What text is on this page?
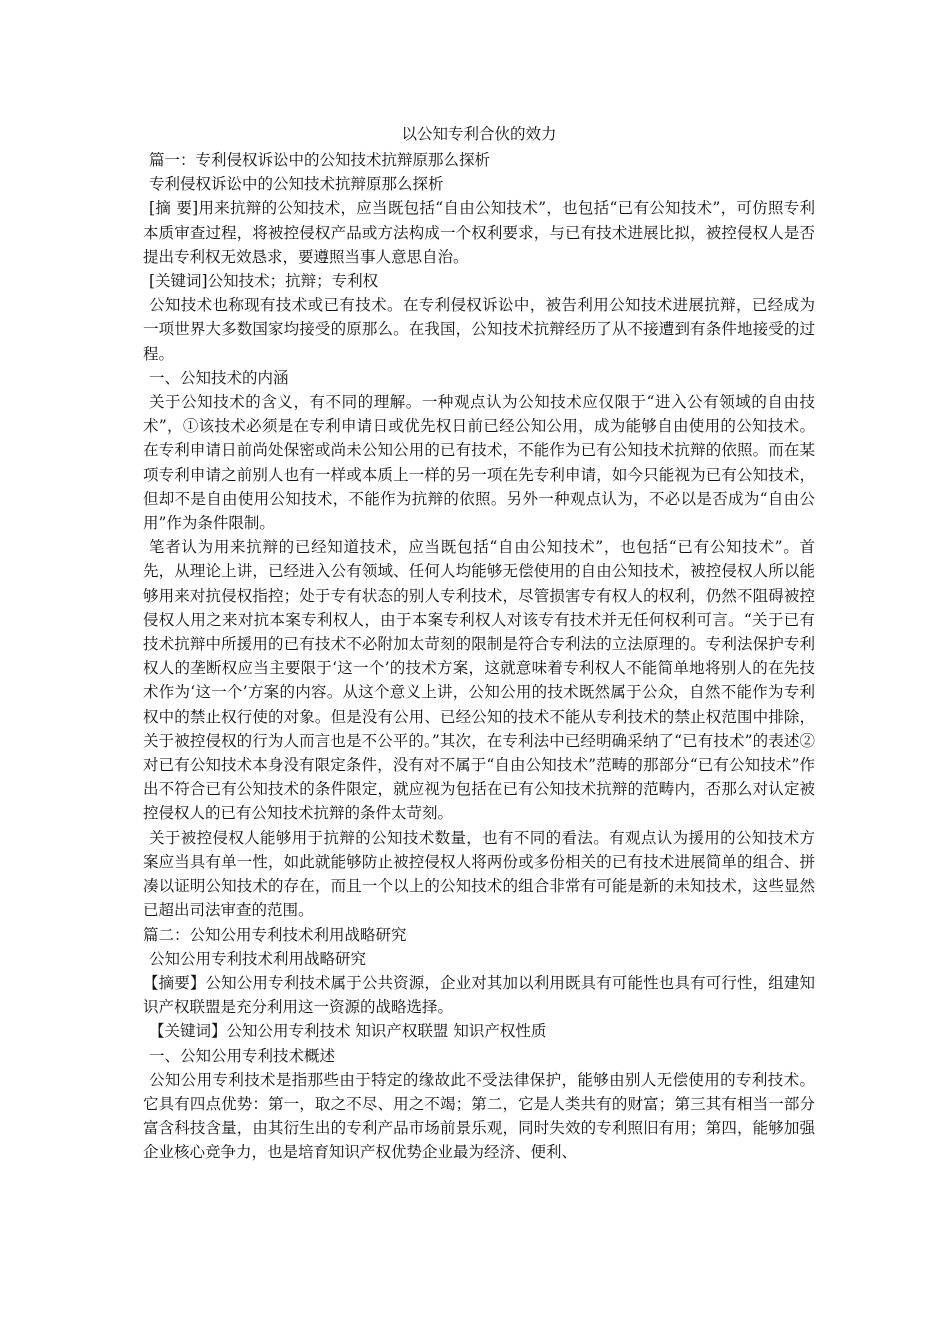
以公知专利合伙的效力

篇一：专利侵权诉讼中的公知技术抗辩原那么探析

专利侵权诉讼中的公知技术抗辩原那么探析

[摘 要]用来抗辩的公知技术，应当既包括“自由公知技术”，也包括“已有公知技术”，可仿照专利本质审查过程，将被控侵权产品或方法构成一个权利要求，与已有技术进展比拟，被控侵权人是否提出专利权无效恳求，要遵照当事人意思自治。

[关键词]公知技术；抗辩；专利权

公知技术也称现有技术或已有技术。在专利侵权诉讼中，被告利用公知技术进展抗辩，已经成为一项世界大多数国家均接受的原那么。在我国，公知技术抗辩经历了从不接遭到有条件地接受的过程。

一、公知技术的内涵

关于公知技术的含义，有不同的理解。一种观点认为公知技术应仅限于“进入公有领域的自由技术”，①该技术必须是在专利申请日或优先权日前已经公知公用，成为能够自由使用的公知技术。在专利申请日前尚处保密或尚未公知公用的已有技术，不能作为已有公知技术抗辩的依照。而在某项专利申请之前别人也有一样或本质上一样的另一项在先专利申请，如今只能视为已有公知技术，但却不是自由使用公知技术，不能作为抗辩的依照。另外一种观点认为，不必以是否成为“自由公用”作为条件限制。

笔者认为用来抗辩的已经知道技术，应当既包括“自由公知技术”，也包括“已有公知技术”。首先，从理论上讲，已经进入公有领域、任何人均能够无偿使用的自由公知技术，被控侵权人所以能够用来对抗侵权指控；处于专有状态的别人专利技术，尽管损害专有权人的权利，仍然不阻碍被控侵权人用之来对抗本案专利权人，由于本案专利权人对该专有技术并无任何权利可言。“关于已有技术抗辩中所援用的已有技术不必附加太苛刻的限制是符合专利法的立法原理的。专利法保护专利权人的垄断权应当主要限于‘这一个’的技术方案，这就意味着专利权人不能简单地将别人的在先技术作为‘这一个’方案的内容。从这个意义上讲，公知公用的技术既然属于公众，自然不能作为专利权中的禁止权行使的对象。但是没有公用、已经公知的技术不能从专利技术的禁止权范围中排除，关于被控侵权的行为人而言也是不公平的。”其次，在专利法中已经明确采纳了“已有技术”的表述②对已有公知技术本身没有限定条件，没有对不属于“自由公知技术”范畴的那部分“已有公知技术”作出不符合已有公知技术的条件限定，就应视为包括在已有公知技术抗辩的范畴内，否那么对认定被控侵权人的已有公知技术抗辩的条件太苛刻。

关于被控侵权人能够用于抗辩的公知技术数量，也有不同的看法。有观点认为援用的公知技术方案应当具有单一性，如此就能够防止被控侵权人将两份或多份相关的已有技术进展简单的组合、拼凑以证明公知技术的存在，而且一个以上的公知技术的组合非常有可能是新的未知技术，这些显然已超出司法审查的范围。

篇二：公知公用专利技术利用战略研究

公知公用专利技术利用战略研究

【摘要】公知公用专利技术属于公共资源，企业对其加以利用既具有可能性也具有可行性，组建知识产权联盟是充分利用这一资源的战略选择。

【关键词】公知公用专利技术 知识产权联盟 知识产权性质

一、公知公用专利技术概述

公知公用专利技术是指那些由于特定的缘故此不受法律保护，能够由别人无偿使用的专利技术。它具有四点优势：第一，取之不尽、用之不竭；第二，它是人类共有的财富；第三其有相当一部分富含科技含量，由其衍生出的专利产品市场前景乐观，同时失效的专利照旧有用；第四，能够加强企业核心竞争力，也是培育知识产权优势企业最为经济、便利、
